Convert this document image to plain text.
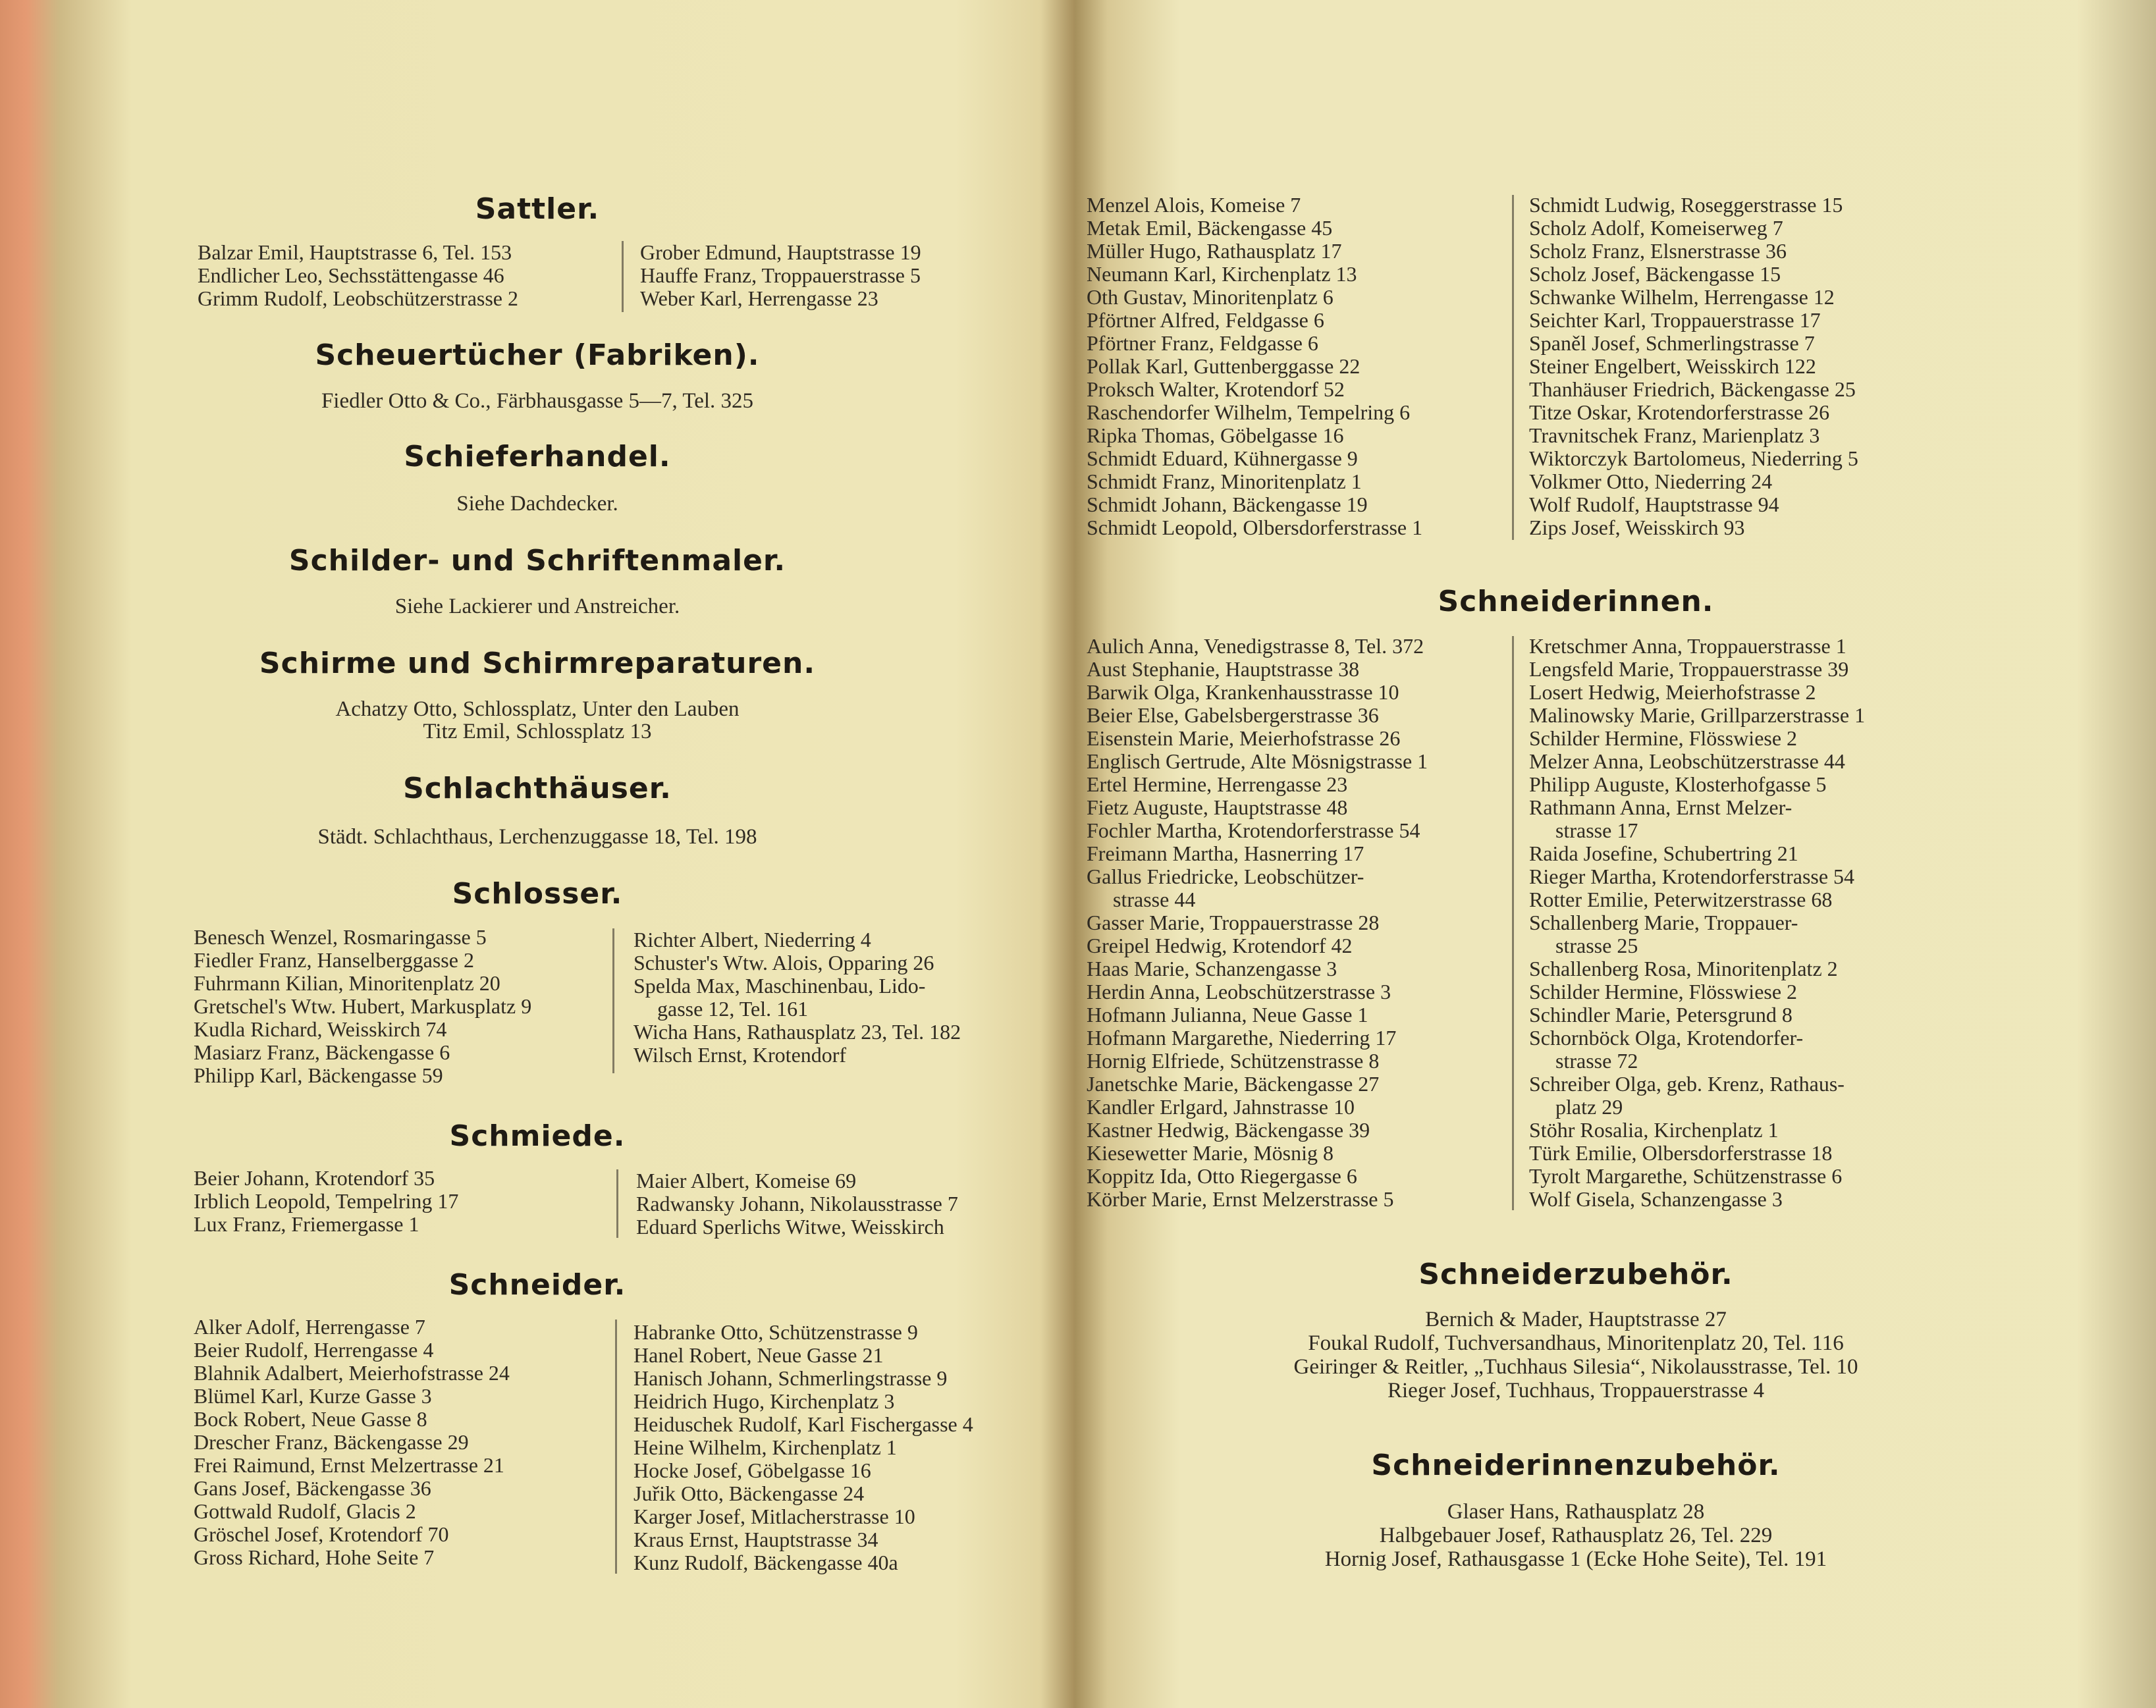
Sattler.
Balzar Emil, Hauptstrasse 6, Tel. 153
Endlicher Leo, Sechsstättengasse 46
Grimm Rudolf, Leobschützerstrasse 2
Grober Edmund, Hauptstrasse 19
Hauffe Franz, Troppauerstrasse 5
Weber Karl, Herrengasse 23
Scheuertücher (Fabriken).
Fiedler Otto & Co., Färbhausgasse 5—7, Tel. 325
Schieferhandel.
Siehe Dachdecker.
Schilder- und Schriftenmaler.
Siehe Lackierer und Anstreicher.
Schirme und Schirmreparaturen.
Achatzy Otto, Schlossplatz, Unter den Lauben
Titz Emil, Schlossplatz 13
Schlachthäuser.
Städt. Schlachthaus, Lerchenzuggasse 18, Tel. 198
Schlosser.
Benesch Wenzel, Rosmaringasse 5
Fiedler Franz, Hanselberggasse 2
Fuhrmann Kilian, Minoritenplatz 20
Gretschel's Wtw. Hubert, Markusplatz 9
Kudla Richard, Weisskirch 74
Masiarz Franz, Bäckengasse 6
Philipp Karl, Bäckengasse 59
Richter Albert, Niederring 4
Schuster's Wtw. Alois, Opparing 26
Spelda Max, Maschinenbau, Lido-
gasse 12, Tel. 161
Wicha Hans, Rathausplatz 23, Tel. 182
Wilsch Ernst, Krotendorf
Schmiede.
Beier Johann, Krotendorf 35
Irblich Leopold, Tempelring 17
Lux Franz, Friemergasse 1
Maier Albert, Komeise 69
Radwansky Johann, Nikolausstrasse 7
Eduard Sperlichs Witwe, Weisskirch
Schneider.
Alker Adolf, Herrengasse 7
Beier Rudolf, Herrengasse 4
Blahnik Adalbert, Meierhofstrasse 24
Blümel Karl, Kurze Gasse 3
Bock Robert, Neue Gasse 8
Drescher Franz, Bäckengasse 29
Frei Raimund, Ernst Melzertrasse 21
Gans Josef, Bäckengasse 36
Gottwald Rudolf, Glacis 2
Gröschel Josef, Krotendorf 70
Gross Richard, Hohe Seite 7
Habranke Otto, Schützenstrasse 9
Hanel Robert, Neue Gasse 21
Hanisch Johann, Schmerlingstrasse 9
Heidrich Hugo, Kirchenplatz 3
Heiduschek Rudolf, Karl Fischergasse 4
Heine Wilhelm, Kirchenplatz 1
Hocke Josef, Göbelgasse 16
Juřik Otto, Bäckengasse 24
Karger Josef, Mitlacherstrasse 10
Kraus Ernst, Hauptstrasse 34
Kunz Rudolf, Bäckengasse 40a
Menzel Alois, Komeise 7
Metak Emil, Bäckengasse 45
Müller Hugo, Rathausplatz 17
Neumann Karl, Kirchenplatz 13
Oth Gustav, Minoritenplatz 6
Pförtner Alfred, Feldgasse 6
Pförtner Franz, Feldgasse 6
Pollak Karl, Guttenberggasse 22
Proksch Walter, Krotendorf 52
Raschendorfer Wilhelm, Tempelring 6
Ripka Thomas, Göbelgasse 16
Schmidt Eduard, Kühnergasse 9
Schmidt Franz, Minoritenplatz 1
Schmidt Johann, Bäckengasse 19
Schmidt Leopold, Olbersdorferstrasse 1
Schmidt Ludwig, Roseggerstrasse 15
Scholz Adolf, Komeiserweg 7
Scholz Franz, Elsnerstrasse 36
Scholz Josef, Bäckengasse 15
Schwanke Wilhelm, Herrengasse 12
Seichter Karl, Troppauerstrasse 17
Spaněl Josef, Schmerlingstrasse 7
Steiner Engelbert, Weisskirch 122
Thanhäuser Friedrich, Bäckengasse 25
Titze Oskar, Krotendorferstrasse 26
Travnitschek Franz, Marienplatz 3
Wiktorczyk Bartolomeus, Niederring 5
Volkmer Otto, Niederring 24
Wolf Rudolf, Hauptstrasse 94
Zips Josef, Weisskirch 93
Schneiderinnen.
Aulich Anna, Venedigstrasse 8, Tel. 372
Aust Stephanie, Hauptstrasse 38
Barwik Olga, Krankenhausstrasse 10
Beier Else, Gabelsbergerstrasse 36
Eisenstein Marie, Meierhofstrasse 26
Englisch Gertrude, Alte Mösnigstrasse 1
Ertel Hermine, Herrengasse 23
Fietz Auguste, Hauptstrasse 48
Fochler Martha, Krotendorferstrasse 54
Freimann Martha, Hasnerring 17
Gallus Friedricke, Leobschützer-
strasse 44
Gasser Marie, Troppauerstrasse 28
Greipel Hedwig, Krotendorf 42
Haas Marie, Schanzengasse 3
Herdin Anna, Leobschützerstrasse 3
Hofmann Julianna, Neue Gasse 1
Hofmann Margarethe, Niederring 17
Hornig Elfriede, Schützenstrasse 8
Janetschke Marie, Bäckengasse 27
Kandler Erlgard, Jahnstrasse 10
Kastner Hedwig, Bäckengasse 39
Kiesewetter Marie, Mösnig 8
Koppitz Ida, Otto Riegergasse 6
Körber Marie, Ernst Melzerstrasse 5
Kretschmer Anna, Troppauerstrasse 1
Lengsfeld Marie, Troppauerstrasse 39
Losert Hedwig, Meierhofstrasse 2
Malinowsky Marie, Grillparzerstrasse 1
Schilder Hermine, Flösswiese 2
Melzer Anna, Leobschützerstrasse 44
Philipp Auguste, Klosterhofgasse 5
Rathmann Anna, Ernst Melzer-
strasse 17
Raida Josefine, Schubertring 21
Rieger Martha, Krotendorferstrasse 54
Rotter Emilie, Peterwitzerstrasse 68
Schallenberg Marie, Troppauer-
strasse 25
Schallenberg Rosa, Minoritenplatz 2
Schilder Hermine, Flösswiese 2
Schindler Marie, Petersgrund 8
Schornböck Olga, Krotendorfer-
strasse 72
Schreiber Olga, geb. Krenz, Rathaus-
platz 29
Stöhr Rosalia, Kirchenplatz 1
Türk Emilie, Olbersdorferstrasse 18
Tyrolt Margarethe, Schützenstrasse 6
Wolf Gisela, Schanzengasse 3
Schneiderzubehör.
Bernich & Mader, Hauptstrasse 27
Foukal Rudolf, Tuchversandhaus, Minoritenplatz 20, Tel. 116
Geiringer & Reitler, „Tuchhaus Silesia“, Nikolausstrasse, Tel. 10
Rieger Josef, Tuchhaus, Troppauerstrasse 4
Schneiderinnenzubehör.
Glaser Hans, Rathausplatz 28
Halbgebauer Josef, Rathausplatz 26, Tel. 229
Hornig Josef, Rathausgasse 1 (Ecke Hohe Seite), Tel. 191
